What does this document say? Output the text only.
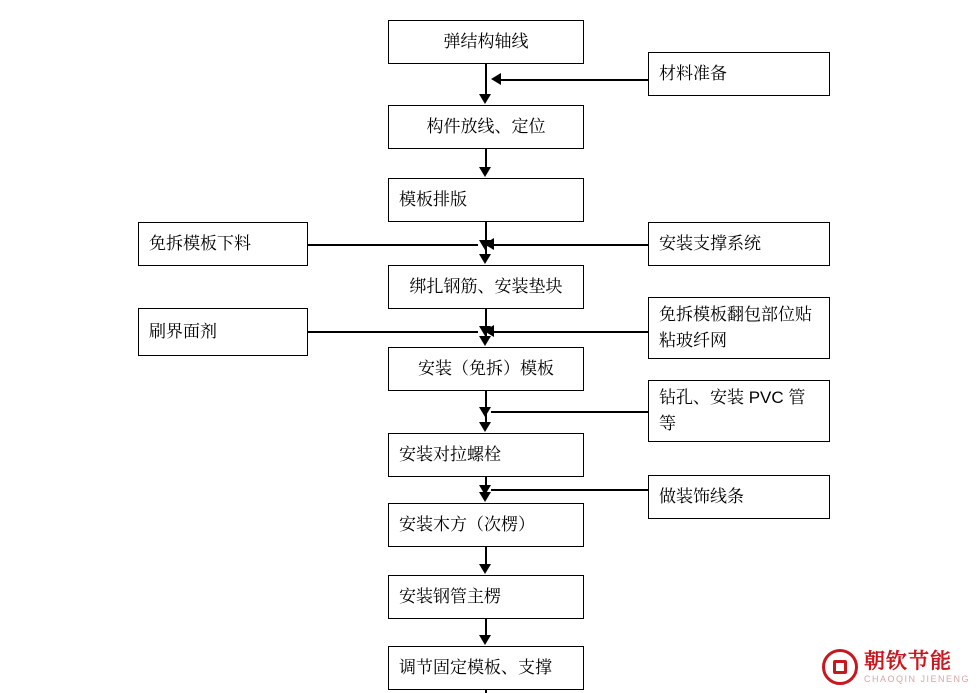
弹结构轴线
构件放线、定位
模板排版
绑扎钢筋、安装垫块
安装（免拆）模板
安装对拉螺栓
安装木方（次楞）
安装钢管主楞
调节固定模板、支撑
免拆模板下料
刷界面剂
材料准备
安装支撑系统
免拆模板翻包部位贴粘玻纤网
钻孔、安装 PVC 管等
做装饰线条
朝钦节能
CHAOQIN JIENENG
